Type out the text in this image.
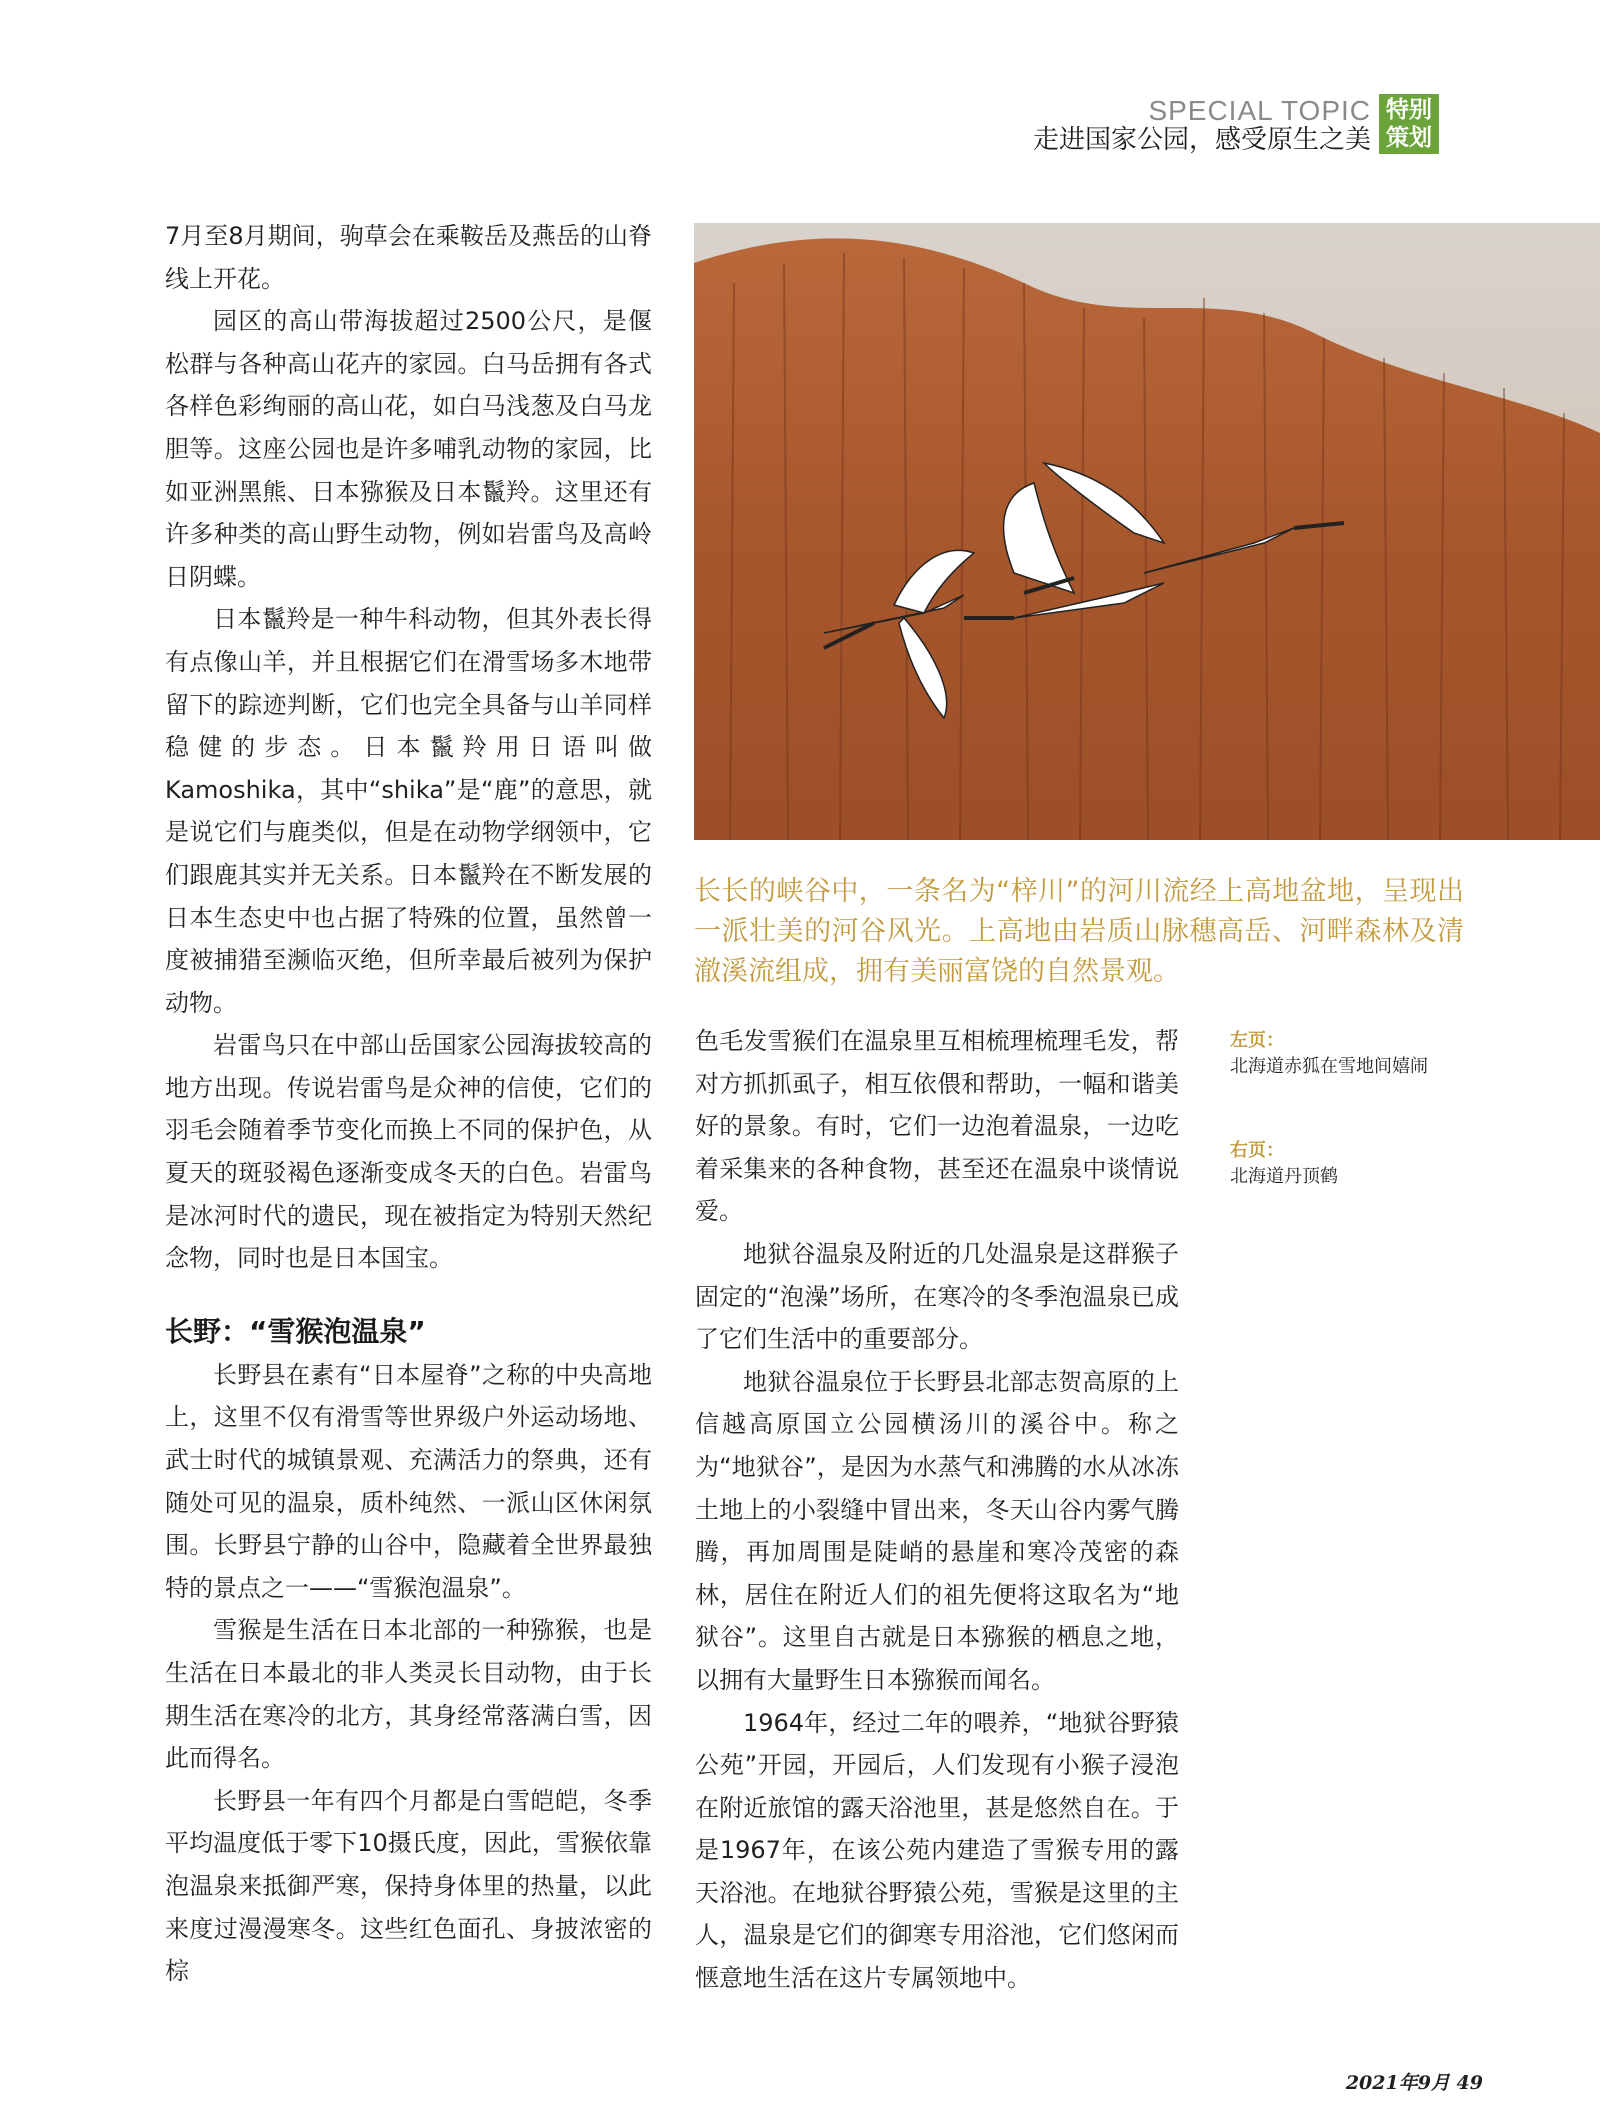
SPECIAL TOPIC
走进国家公园，感受原生之美
特别
策划

7月至8月期间，驹草会在乘鞍岳及燕岳的山脊线上开花。

园区的高山带海拔超过2500公尺，是偃松群与各种高山花卉的家园。白马岳拥有各式各样色彩绚丽的高山花，如白马浅葱及白马龙胆等。这座公园也是许多哺乳动物的家园，比如亚洲黑熊、日本猕猴及日本鬣羚。这里还有许多种类的高山野生动物，例如岩雷鸟及高岭日阴蝶。

日本鬣羚是一种牛科动物，但其外表长得有点像山羊，并且根据它们在滑雪场多木地带留下的踪迹判断，它们也完全具备与山羊同样稳健的步态。日本鬣羚用日语叫做Kamoshika，其中“shika”是“鹿”的意思，就是说它们与鹿类似，但是在动物学纲领中，它们跟鹿其实并无关系。日本鬣羚在不断发展的日本生态史中也占据了特殊的位置，虽然曾一度被捕猎至濒临灭绝，但所幸最后被列为保护动物。

岩雷鸟只在中部山岳国家公园海拔较高的地方出现。传说岩雷鸟是众神的信使，它们的羽毛会随着季节变化而换上不同的保护色，从夏天的斑驳褐色逐渐变成冬天的白色。岩雷鸟是冰河时代的遗民，现在被指定为特别天然纪念物，同时也是日本国宝。

长野：“雪猴泡温泉”

长野县在素有“日本屋脊”之称的中央高地上，这里不仅有滑雪等世界级户外运动场地、武士时代的城镇景观、充满活力的祭典，还有随处可见的温泉，质朴纯然、一派山区休闲氛围。长野县宁静的山谷中，隐藏着全世界最独特的景点之一——“雪猴泡温泉”。

雪猴是生活在日本北部的一种猕猴，也是生活在日本最北的非人类灵长目动物，由于长期生活在寒冷的北方，其身经常落满白雪，因此而得名。

长野县一年有四个月都是白雪皑皑，冬季平均温度低于零下10摄氏度，因此，雪猴依靠泡温泉来抵御严寒，保持身体里的热量，以此来度过漫漫寒冬。这些红色面孔、身披浓密的棕

长长的峡谷中，一条名为“梓川”的河川流经上高地盆地，呈现出一派壮美的河谷风光。上高地由岩质山脉穗高岳、河畔森林及清澈溪流组成，拥有美丽富饶的自然景观。

色毛发雪猴们在温泉里互相梳理梳理毛发，帮对方抓抓虱子，相互依偎和帮助，一幅和谐美好的景象。有时，它们一边泡着温泉，一边吃着采集来的各种食物，甚至还在温泉中谈情说爱。

地狱谷温泉及附近的几处温泉是这群猴子固定的“泡澡”场所，在寒冷的冬季泡温泉已成了它们生活中的重要部分。

地狱谷温泉位于长野县北部志贺高原的上信越高原国立公园横汤川的溪谷中。称之为“地狱谷”，是因为水蒸气和沸腾的水从冰冻土地上的小裂缝中冒出来，冬天山谷内雾气腾腾，再加周围是陡峭的悬崖和寒冷茂密的森林，居住在附近人们的祖先便将这取名为“地狱谷”。这里自古就是日本猕猴的栖息之地，以拥有大量野生日本猕猴而闻名。

1964年，经过二年的喂养，“地狱谷野猿公苑”开园，开园后，人们发现有小猴子浸泡在附近旅馆的露天浴池里，甚是悠然自在。于是1967年，在该公苑内建造了雪猴专用的露天浴池。在地狱谷野猿公苑，雪猴是这里的主人，温泉是它们的御寒专用浴池，它们悠闲而惬意地生活在这片专属领地中。

左页：
北海道赤狐在雪地间嬉闹
右页：
北海道丹顶鹤
2021年9月 49
